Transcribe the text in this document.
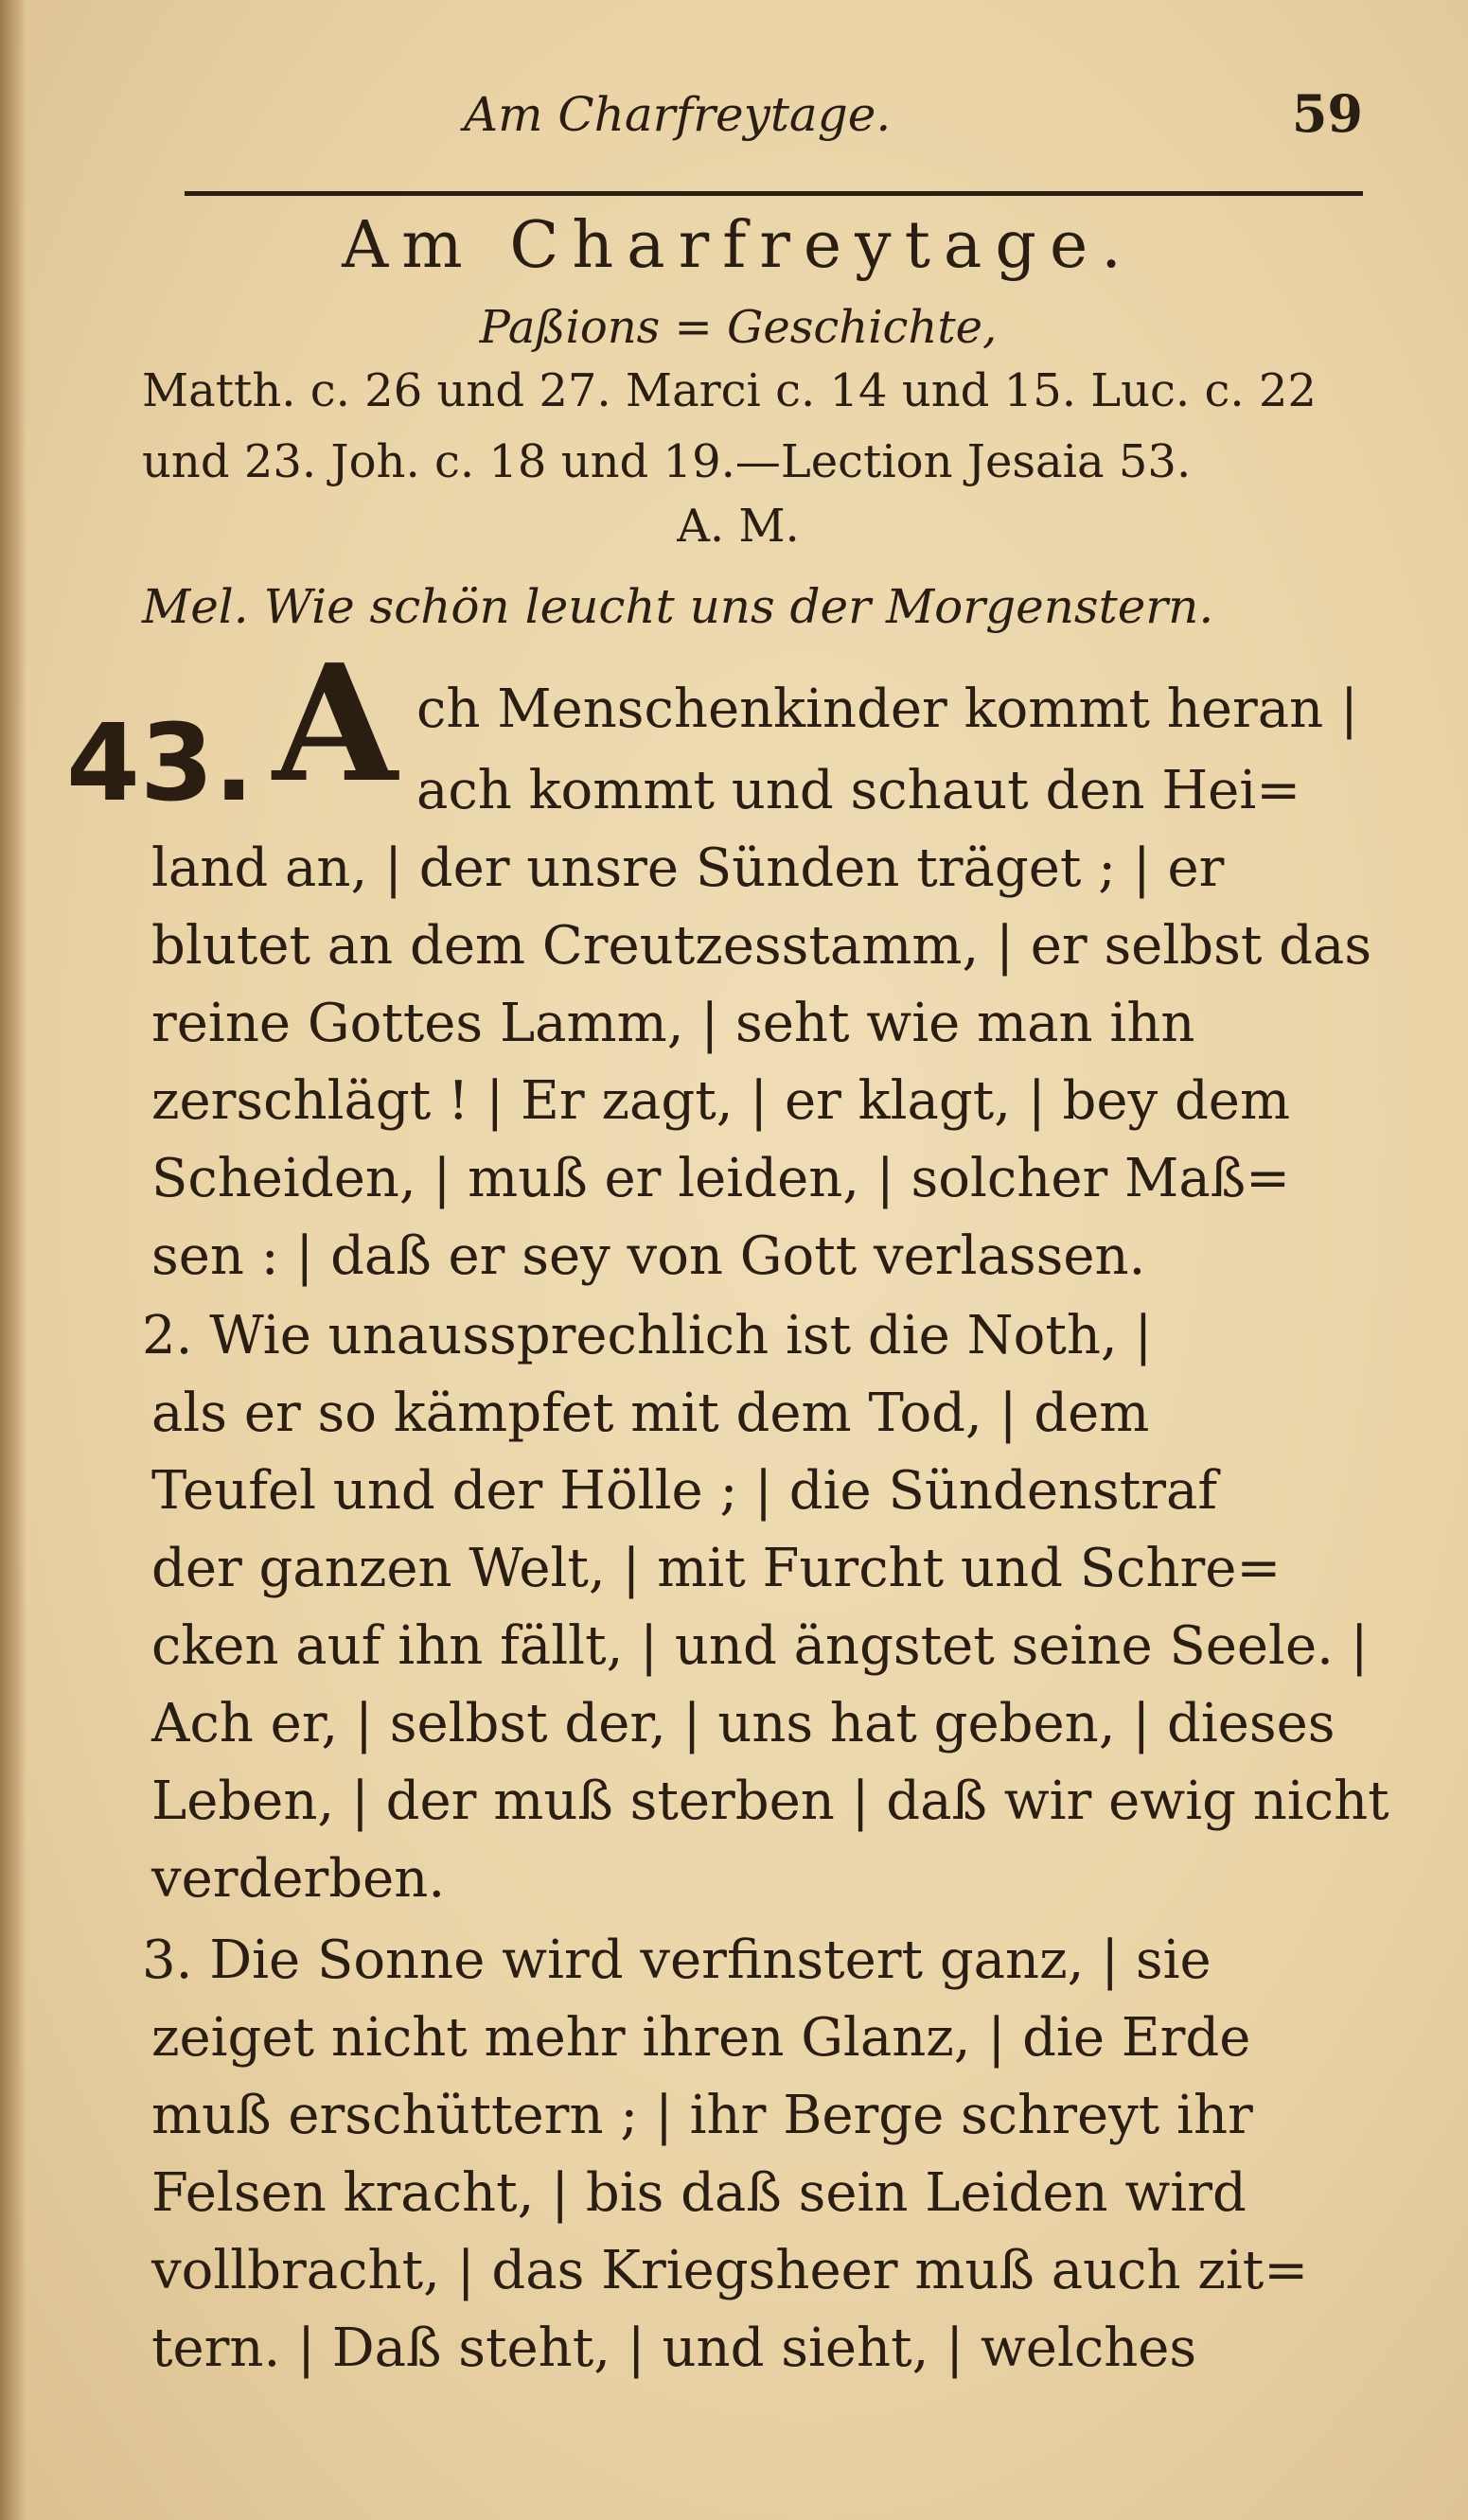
Am Charfreytage.	59
Am Charfreytage.
Paßions = Geschichte,
Matth. c. 26 und 27. Marci c. 14 und 15. Luc. c. 22
und 23. Joh. c. 18 und 19.—Lection Jesaia 53.
A. M.
Mel. Wie schön leucht uns der Morgenstern.
43. A ch Menschenkinder kommt heran |
ach kommt und schaut den Hei=
land an, | der unsre Sünden träget ; | er
blutet an dem Creutzesstamm, | er selbst das
reine Gottes Lamm, | seht wie man ihn
zerschlägt ! | Er zagt, | er klagt, | bey dem
Scheiden, | muß er leiden, | solcher Maß=
sen : | daß er sey von Gott verlassen.
2. Wie unaussprechlich ist die Noth, |
als er so kämpfet mit dem Tod, | dem
Teufel und der Hölle ; | die Sündenstraf
der ganzen Welt, | mit Furcht und Schre=
cken auf ihn fällt, | und ängstet seine Seele. |
Ach er, | selbst der, | uns hat geben, | dieses
Leben, | der muß sterben | daß wir ewig nicht
verderben.
3. Die Sonne wird verfinstert ganz, | sie
zeiget nicht mehr ihren Glanz, | die Erde
muß erschüttern ; | ihr Berge schreyt ihr
Felsen kracht, | bis daß sein Leiden wird
vollbracht, | das Kriegsheer muß auch zit=
tern. | Daß steht, | und sieht, | welches
